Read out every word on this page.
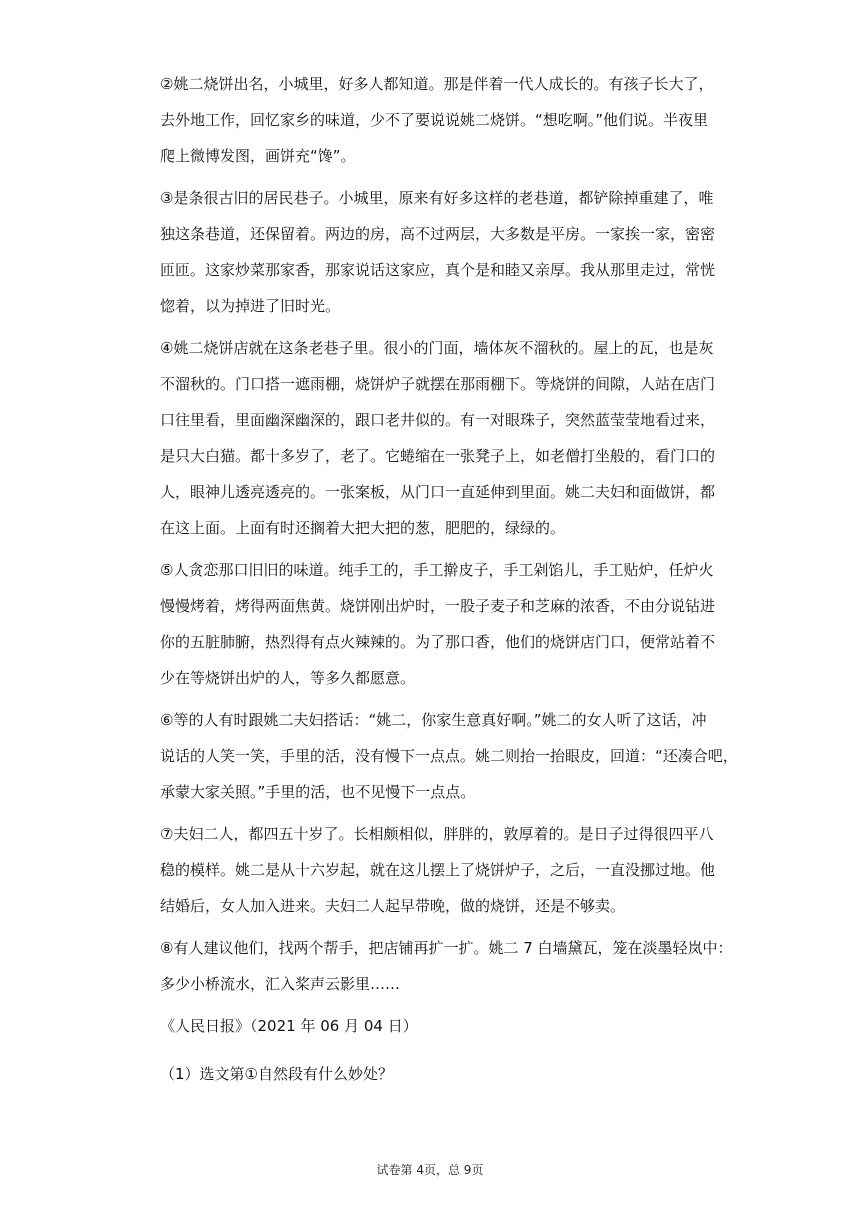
②姚二烧饼出名，小城里，好多人都知道。那是伴着一代人成长的。有孩子长大了，
去外地工作，回忆家乡的味道，少不了要说说姚二烧饼。“想吃啊。”他们说。半夜里
爬上微博发图，画饼充“馋”。

③是条很古旧的居民巷子。小城里，原来有好多这样的老巷道，都铲除掉重建了，唯
独这条巷道，还保留着。两边的房，高不过两层，大多数是平房。一家挨一家，密密
匝匝。这家炒菜那家香，那家说话这家应，真个是和睦又亲厚。我从那里走过，常恍
惚着，以为掉进了旧时光。

④姚二烧饼店就在这条老巷子里。很小的门面，墙体灰不溜秋的。屋上的瓦，也是灰
不溜秋的。门口搭一遮雨棚，烧饼炉子就摆在那雨棚下。等烧饼的间隙，人站在店门
口往里看，里面幽深幽深的，跟口老井似的。有一对眼珠子，突然蓝莹莹地看过来，
是只大白猫。都十多岁了，老了。它蜷缩在一张凳子上，如老僧打坐般的，看门口的
人，眼神儿透亮透亮的。一张案板，从门口一直延伸到里面。姚二夫妇和面做饼，都
在这上面。上面有时还搁着大把大把的葱，肥肥的，绿绿的。

⑤人贪恋那口旧旧的味道。纯手工的，手工擀皮子，手工剁馅儿，手工贴炉，任炉火
慢慢烤着，烤得两面焦黄。烧饼刚出炉时，一股子麦子和芝麻的浓香，不由分说钻进
你的五脏肺腑，热烈得有点火辣辣的。为了那口香，他们的烧饼店门口，便常站着不
少在等烧饼出炉的人，等多久都愿意。

⑥等的人有时跟姚二夫妇搭话：“姚二，你家生意真好啊。”姚二的女人听了这话，冲
说话的人笑一笑，手里的活，没有慢下一点点。姚二则抬一抬眼皮，回道：“还凑合吧，
承蒙大家关照。”手里的活，也不见慢下一点点。

⑦夫妇二人，都四五十岁了。长相颇相似，胖胖的，敦厚着的。是日子过得很四平八
稳的模样。姚二是从十六岁起，就在这儿摆上了烧饼炉子，之后，一直没挪过地。他
结婚后，女人加入进来。夫妇二人起早带晚，做的烧饼，还是不够卖。

⑧有人建议他们，找两个帮手，把店铺再扩一扩。姚二 7 白墙黛瓦，笼在淡墨轻岚中：
多少小桥流水，汇入桨声云影里……

《人民日报》（2021 年 06 月 04 日）

（1）选文第①自然段有什么妙处？
试卷第 4页，总 9页
